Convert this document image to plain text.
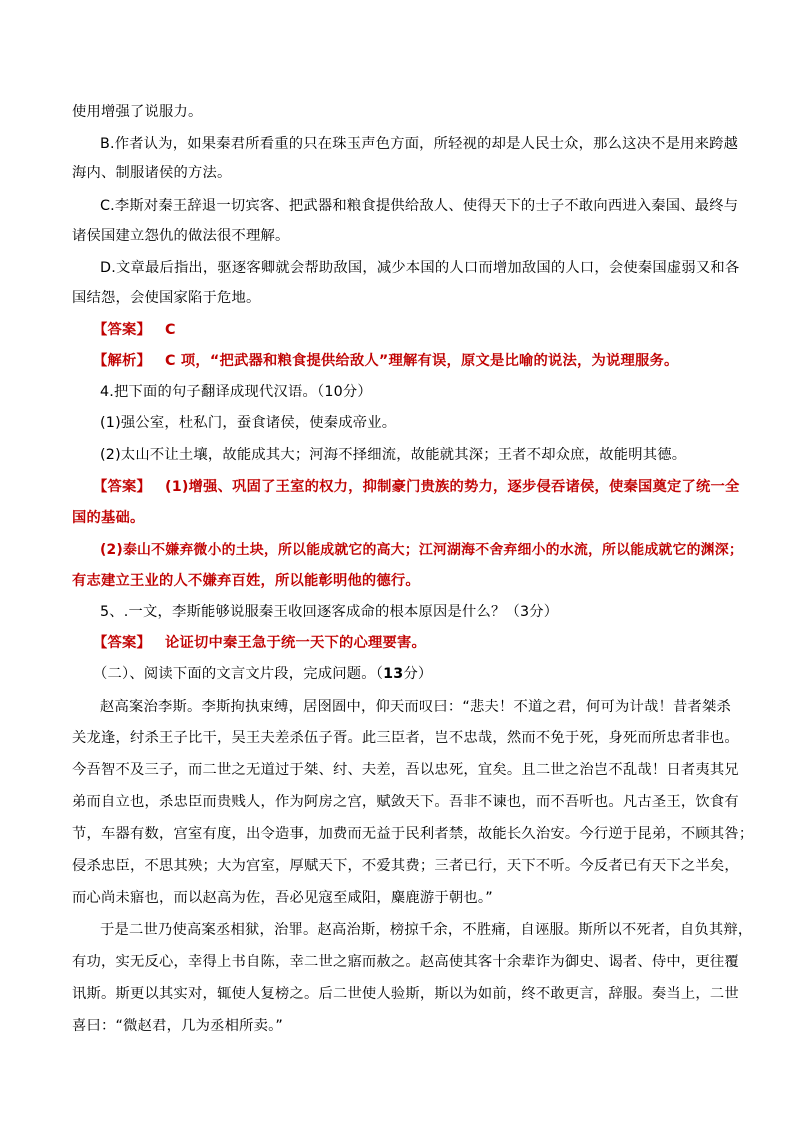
使用增强了说服力。
B.作者认为，如果秦君所看重的只在珠玉声色方面，所轻视的却是人民士众，那么这决不是用来跨越
海内、制服诸侯的方法。
C.李斯对秦王辞退一切宾客、把武器和粮食提供给敌人、使得天下的士子不敢向西进入秦国、最终与
诸侯国建立怨仇的做法很不理解。
D.文章最后指出，驱逐客卿就会帮助敌国，减少本国的人口而增加敌国的人口，会使秦国虚弱又和各
国结怨，会使国家陷于危地。
【答案】 C
【解析】 C 项，“把武器和粮食提供给敌人”理解有误，原文是比喻的说法，为说理服务。
4.把下面的句子翻译成现代汉语。（10分）
(1)强公室，杜私门，蚕食诸侯，使秦成帝业。
(2)太山不让土壤，故能成其大；河海不择细流，故能就其深；王者不却众庶，故能明其德。
【答案】 (1)增强、巩固了王室的权力，抑制豪门贵族的势力，逐步侵吞诸侯，使秦国奠定了统一全
国的基础。
(2)泰山不嫌弃微小的土块，所以能成就它的高大；江河湖海不舍弃细小的水流，所以能成就它的渊深；
有志建立王业的人不嫌弃百姓，所以能彰明他的德行。
5、.一文，李斯能够说服秦王收回逐客成命的根本原因是什么？（3分）
【答案】 论证切中秦王急于统一天下的心理要害。
（二）、阅读下面的文言文片段，完成问题。（13分）
赵高案治李斯。李斯拘执束缚，居囹圄中，仰天而叹曰：“悲夫！不道之君，何可为计哉！昔者桀杀
关龙逢，纣杀王子比干，吴王夫差杀伍子胥。此三臣者，岂不忠哉，然而不免于死，身死而所忠者非也。
今吾智不及三子，而二世之无道过于桀、纣、夫差，吾以忠死，宜矣。且二世之治岂不乱哉！日者夷其兄
弟而自立也，杀忠臣而贵贱人，作为阿房之宫，赋敛天下。吾非不谏也，而不吾听也。凡古圣王，饮食有
节，车器有数，宫室有度，出令造事，加费而无益于民利者禁，故能长久治安。今行逆于昆弟，不顾其咎；
侵杀忠臣，不思其殃；大为宫室，厚赋天下，不爱其费；三者已行，天下不听。今反者已有天下之半矣，
而心尚未寤也，而以赵高为佐，吾必见寇至咸阳，麋鹿游于朝也。”
于是二世乃使高案丞相狱，治罪。赵高治斯，榜掠千余，不胜痛，自诬服。斯所以不死者，自负其辩，
有功，实无反心，幸得上书自陈，幸二世之寤而赦之。赵高使其客十余辈诈为御史、谒者、侍中，更往覆
讯斯。斯更以其实对，辄使人复榜之。后二世使人验斯，斯以为如前，终不敢更言，辞服。奏当上，二世
喜曰：“微赵君，几为丞相所卖。”
